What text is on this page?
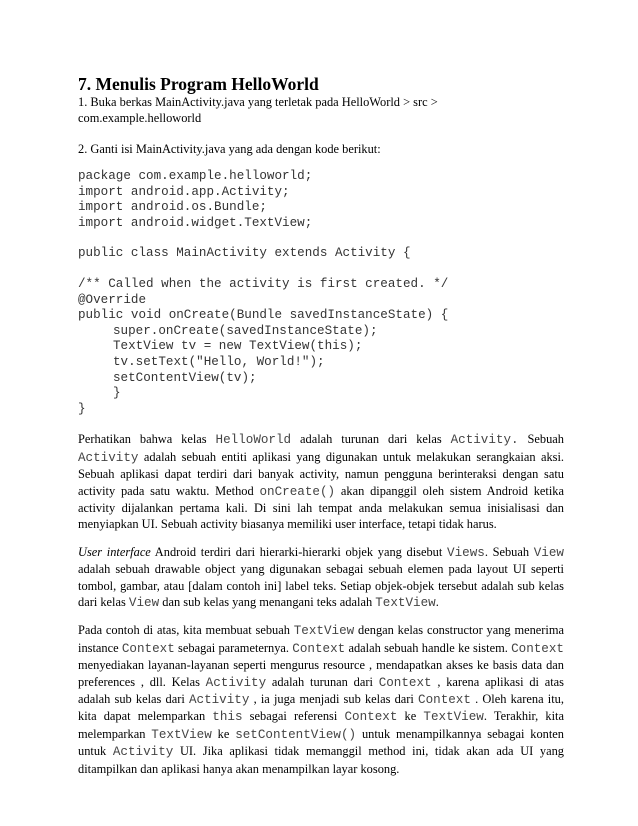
7. Menulis Program HelloWorld

1. Buka berkas MainActivity.java yang terletak pada HelloWorld > src >

com.example.helloworld

2. Ganti isi MainActivity.java yang ada dengan kode berikut:

package com.example.helloworld;
import android.app.Activity;
import android.os.Bundle;
import android.widget.TextView;
public class MainActivity extends Activity {
/** Called when the activity is first created. */
@Override
public void onCreate(Bundle savedInstanceState) {
super.onCreate(savedInstanceState);
TextView tv = new TextView(this);
tv.setText("Hello, World!");
setContentView(tv);
}
}

Perhatikan bahwa kelas HelloWorld adalah turunan dari kelas Activity. Sebuah Activity adalah sebuah entiti aplikasi yang digunakan untuk melakukan serangkaian aksi. Sebuah aplikasi dapat terdiri dari banyak activity, namun pengguna berinteraksi dengan satu activity pada satu waktu. Method onCreate() akan dipanggil oleh sistem Android ketika activity dijalankan pertama kali. Di sini lah tempat anda melakukan semua inisialisasi dan menyiapkan UI. Sebuah activity biasanya memiliki user interface, tetapi tidak harus.

User interface Android terdiri dari hierarki-hierarki objek yang disebut Views. Sebuah View adalah sebuah drawable object yang digunakan sebagai sebuah elemen pada layout UI seperti tombol, gambar, atau [dalam contoh ini] label teks. Setiap objek-objek tersebut adalah sub kelas dari kelas View dan sub kelas yang menangani teks adalah TextView.

Pada contoh di atas, kita membuat sebuah TextView dengan kelas constructor yang menerima instance Context sebagai parameternya. Context adalah sebuah handle ke sistem. Context menyediakan layanan-layanan seperti mengurus resource , mendapatkan akses ke basis data dan preferences , dll. Kelas Activity adalah turunan dari Context , karena aplikasi di atas adalah sub kelas dari Activity , ia juga menjadi sub kelas dari Context . Oleh karena itu, kita dapat melemparkan this sebagai referensi Context ke TextView. Terakhir, kita melemparkan TextView ke setContentView() untuk menampilkannya sebagai konten untuk Activity UI. Jika aplikasi tidak memanggil method ini, tidak akan ada UI yang ditampilkan dan aplikasi hanya akan menampilkan layar kosong.
